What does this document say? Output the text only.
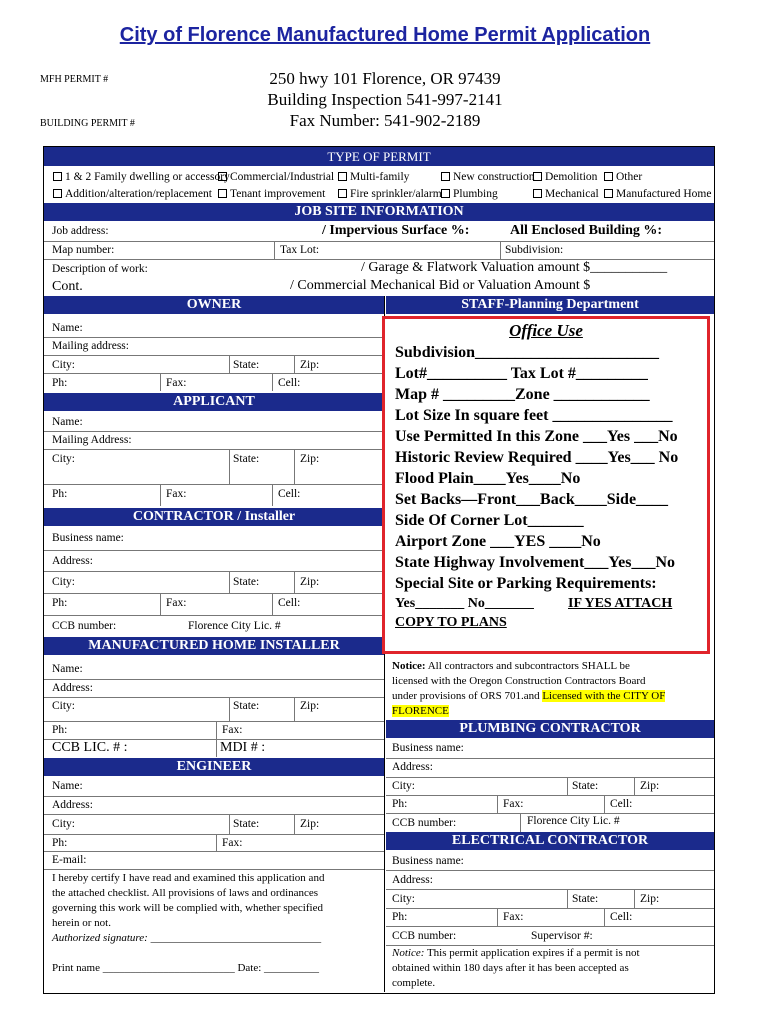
City of Florence Manufactured Home Permit Application
MFH PERMIT #
BUILDING PERMIT #
250 hwy 101 Florence, OR 97439
Building Inspection 541-997-2141
Fax Number: 541-902-2189
TYPE OF PERMIT
1 & 2 Family dwelling or accessory Commercial/Industrial	Multi-family	New construction Demolition	Other
Addition/alteration/replacement	Tenant improvement	Fire sprinkler/alarm Plumbing	Mechanical	Manufactured Home
JOB SITE INFORMATION
Job address:	/ Impervious Surface %:	All Enclosed Building %:
Map number:	Tax Lot:	Subdivision:
Description of work:	/ Garage & Flatwork Valuation amount $___________
Cont.	/ Commercial Mechanical Bid or Valuation Amount $
OWNER	STAFF-Planning Department
Name:
Mailing address:
City:	State:	Zip:
Ph:	Fax:	Cell:
APPLICANT
Name:
Mailing Address:
City:	State:	Zip:
Ph:	Fax:	Cell:
CONTRACTOR / Installer
Business name:
Address:
City:	State:	Zip:
Ph:	Fax:	Cell:
CCB number:	Florence City Lic. #
MANUFACTURED HOME INSTALLER
Name:
Address:
City:	State:	Zip:
Ph:	Fax:
CCB LIC. # :	MDI # :
ENGINEER
Name:
Address:
City:	State:	Zip:
Ph:	Fax:
E-mail:
I hereby certify I have read and examined this application and
the attached checklist. All provisions of laws and ordinances
governing this work will be complied with, whether specified
herein or not.
Authorized signature: _______________________________
Print name ________________________ Date: __________
Office Use
Subdivision_______________________
Lot#__________ Tax Lot #_________
Map # _________Zone ____________
Lot Size In square feet _______________
Use Permitted In this Zone ___Yes ___No
Historic Review Required ____Yes___ No
Flood Plain____Yes____No
Set Backs—Front___Back____Side____
Side Of Corner Lot_______
Airport Zone ___YES ____No
State Highway Involvement___Yes___No
Special Site or Parking Requirements:
Yes_______ No_______ IF YES ATTACH
COPY TO PLANS
Notice: All contractors and subcontractors SHALL be
licensed with the Oregon Construction Contractors Board
under provisions of ORS 701.and Licensed with the CITY OF
FLORENCE
PLUMBING CONTRACTOR
Business name:
Address:
City:	State:	Zip:
Ph:	Fax:	Cell:
CCB number:	Florence City Lic. #
ELECTRICAL CONTRACTOR
Business name:
Address:
City:	State:	Zip:
Ph:	Fax:	Cell:
CCB number:	Supervisor #:
Notice: This permit application expires if a permit is not
obtained within 180 days after it has been accepted as
complete.
